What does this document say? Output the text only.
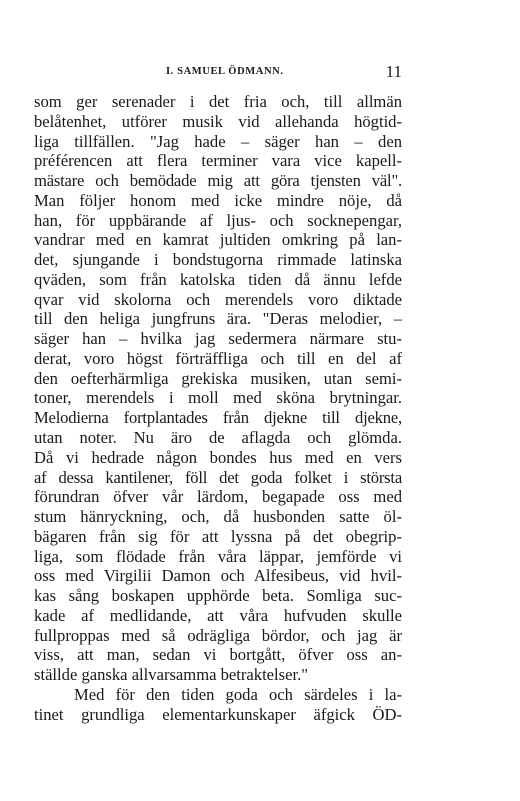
I. SAMUEL ÖDMANN.	11
som ger serenader i det fria och, till allmän
belåtenhet, utförer musik vid allehanda högtid-
liga tillfällen. "Jag hade – säger han – den
préférencen att flera terminer vara vice kapell-
mästare och bemödade mig att göra tjensten väl".
Man följer honom med icke mindre nöje, då
han, för uppbärande af ljus- och socknepengar,
vandrar med en kamrat jultiden omkring på lan-
det, sjungande i bondstugorna rimmade latinska
qväden, som från katolska tiden då ännu lefde
qvar vid skolorna och merendels voro diktade
till den heliga jungfruns ära. "Deras melodier, –
säger han – hvilka jag sedermera närmare stu-
derat, voro högst förträffliga och till en del af
den oefterhärmliga grekiska musiken, utan semi-
toner, merendels i moll med sköna brytningar.
Melodierna fortplantades från djekne till djekne,
utan noter. Nu äro de aflagda och glömda.
Då vi hedrade någon bondes hus med en vers
af dessa kantilener, föll det goda folket i största
förundran öfver vår lärdom, begapade oss med
stum hänryckning, och, då husbonden satte öl-
bägaren från sig för att lyssna på det obegrip-
liga, som flödade från våra läppar, jemförde vi
oss med Virgilii Damon och Alfesibeus, vid hvil-
kas sång boskapen upphörde beta. Somliga suc-
kade af medlidande, att våra hufvuden skulle
fullproppas med så odrägliga bördor, och jag är
viss, att man, sedan vi bortgått, öfver oss an-
ställde ganska allvarsamma betraktelser."
Med för den tiden goda och särdeles i la-
tinet grundliga elementarkunskaper äfgick ÖD-
